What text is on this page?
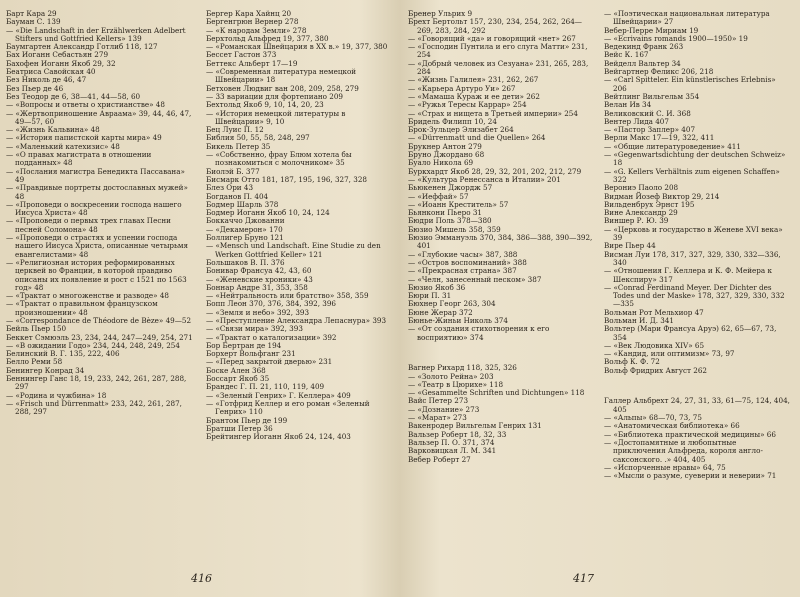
Барт Кара 29

Бауман С. 139

— «Die Landschaft in der Erzählwerken Adelbert Stifters und Gottfried Kellers» 139

Баумгартен Александр Готлиб 118, 127

Бах Иоганн Себастьян 279

Бахофен Иоганн Якоб 29, 32

Беатриса Савойская 40

Без Николь де 46, 47

Без Пьер де 46

Без Теодор де 6, 38—41, 44—58, 60

— «Вопросы и ответы о христианстве» 48

— «Жертвоприношение Авраама» 39, 44, 46, 47, 49—57, 60

— «Жизнь Кальвина» 48

— «История папистской карты мира» 49

— «Маленький катехизис» 48

— «О правах магистрата в отношении подданных» 48

— «Послания магистра Бенедикта Пассавана» 49

— «Правдивые портреты достославных мужей» 48

— «Проповеди о воскресении господа нашего Иисуса Христа» 48

— «Проповеди о первых трех главах Песни песней Соломона» 48

— «Проповеди о страстях и успении господа нашего Иисуса Христа, описанные четырьмя евангелистами» 48

— «Религиозная история реформированных церквей во Франции, в которой правдиво описаны их появление и рост с 1521 по 1563 год» 48

— «Трактат о многоженстве и разводе» 48

— «Трактат о правильном французском произношении» 48

— «Correspondance de Théodore de Bèze» 49—52

Бейль Пьер 150

Беккет Сэмюэль 23, 234, 244, 247—249, 254, 271

— «В ожидании Годо» 234, 244, 248, 249, 254

Белинский В. Г. 135, 222, 406

Белло Реми 58

Бенингер Конрад 34

Беннингер Ганс 18, 19, 233, 242, 261, 287, 288, 297

— «Родина и чужбина» 18

— «Frisch und Dürrenmatt» 233, 242, 261, 287, 288, 297

Бергер Кара Хайнц 20

Бергенгрюн Вернер 278

— «К народам Земли» 278

Берхтольд Альфред 19, 377, 380

— «Романская Швейцария в XX в.» 19, 377, 380

Бессет Гастон 373

Беттекс Альберт 17—19

— «Современная литература немецкой Швейцарии» 18

Бетховен Людвиг ван 208, 209, 258, 279

— 33 вариации для фортепиано 209

Бехтольд Якоб 9, 10, 14, 20, 23

— «История немецкой литературы в Швейцарии» 9, 10

Бец Луис П. 12

Библия 50, 55, 58, 248, 297

Бикель Петер 35

— «Собственно, фрау Блюм хотела бы познакомиться с молочником» 35

Биолэй Б. 377

Бисмарк Отто 181, 187, 195, 196, 327, 328

Блез Ори 43

Богданов П. 404

Бодмер Шарль 378

Бодмер Иоганн Якоб 10, 24, 124

Боккаччо Джованни

— «Декамерон» 170

Боллигер Бруно 121

— «Mensch und Landschaft. Eine Studie zu den Werken Gottfried Keller» 121

Большаков В. П. 376

Бонивар Франсуа 42, 43, 60

— «Женевские хроники» 43

Боннар Андре 31, 353, 358

— «Нейтральность или братство» 358, 359

Бопп Леон 370, 376, 384, 392, 396

— «Земля и небо» 392, 393

— «Преступление Александра Лепаснура» 393

— «Связи мира» 392, 393

— «Трактат о каталогизации» 392

Бор Бертран де 194

Борхерт Вольфганг 231

— «Перед закрытой дверью» 231

Боске Ален 368

Боссарт Якоб 35

Брандес Г. П. 21, 110, 119, 409

— «Зеленый Генрих» Г. Келлера» 409

— «Готфрид Келлер и его роман «Зеленый Генрих» 110

Брантом Пьер де 199

Братши Петер 36

Брейтингер Иоганн Якоб 24, 124, 403

416

Бренер Ульрих 9

Брехт Бертольт 157, 230, 234, 254, 262, 264—269, 283, 284, 292

— «Говорящий «да» и говорящий «нет» 267

— «Господин Пунтила и его слуга Матти» 231, 254

— «Добрый человек из Сезуана» 231, 265, 283, 284

— «Жизнь Галилея» 231, 262, 267

— «Карьера Артуро Уи» 267

— «Мамаша Кураж и ее дети» 262

— «Ружья Тересы Каррар» 254

— «Страх и нищета в Третьей империи» 254

Бридель Филипп 10, 24

Брок-Зульцер Элизабет 264

— «Dürrenmatt und die Quellen» 264

Брукнер Антон 279

Бруно Джордано 68

Буало Никола 69

Буркхардт Якоб 28, 29, 32, 201, 202, 212, 279

— «Культура Ренессанса в Италии» 201

Бьюкенен Джордж 57

— «Иеффай» 57

— «Иоанн Креститель» 57

Бьянкони Пьеро 31

Бюдри Поль 378—380

Бюзио Мишель 358, 359

Бюзио Эммануэль 370, 384, 386—388, 390—392, 401

— «Глубокие часы» 387, 388

— «Остров воспоминаний» 388

— «Прекрасная страна» 387

— «Челн, занесенный песком» 387

Бюзио Якоб 36

Бюри П. 31

Бюхнер Георг 263, 304

Бюне Жерар 372

Бюнье-Жиньи Николь 374

— «От создания стихотворения к его восприятию» 374

Вагнер Рихард 118, 325, 326

— «Золото Рейна» 203

— «Театр в Цюрихе» 118

— «Gesammelte Schriften und Dichtungen» 118

Вайс Петер 273

— «Дознание» 273

— «Марат» 273

Вакенродер Вильгельм Генрих 131

Вальзер Роберт 18, 32, 33

Вальзер П. О. 371, 374

Варковицкая Л. М. 341

Вебер Роберт 27

— «Поэтическая национальная литература Швейцарии» 27

Вебер-Перре Мириам 19

— «Ecrivains romands 1900—1950» 19

Ведекинд Франк 263

Вейс К. 167

Вейделл Вальтер 34

Вейгартнер Феликс 206, 218

— «Carl Spitteler. Ein künstlerisches Erlebnis» 206

Вейтлинг Вильгельм 354

Велан Ив 34

Великовский С. И. 368

Вентер Лида 407

— «Пастор Заплер» 407

Верли Макс 17—19, 322, 411

— «Общие литературоведение» 411

— «Gegenwartsdichtung der deutschen Schweiz» 18

— «G. Kellers Verhältnis zum eigenen Schaffen» 322

Верониэ Паоло 208

Видман Йозеф Виктор 29, 214

Вильденбрух Эрнст 195

Вине Александр 29

Виншер Р. Ю. 39

— «Церковь и государство в Женеве XVI века» 39

Вире Пьер 44

Висман Луи 178, 317, 327, 329, 330, 332—336, 340

— «Отношения Г. Келлера и К. Ф. Мейера к Шекспиру» 317

— «Conrad Ferdinand Meyer. Der Dichter des Todes und der Maske» 178, 327, 329, 330, 332—335

Вольман Рот Мельхиор 47

Вольман И. Д. 341

Вольтер (Мари Франсуа Аруэ) 62, 65—67, 73, 354

— «Век Людовика XIV» 65

— «Кандид, или оптимизм» 73, 97

Вольф К. Ф. 72

Вольф Фридрих Август 262

Галлер Альбрехт 24, 27, 31, 33, 61—75, 124, 404, 405

— «Альпы» 68—70, 73, 75

— «Анатомическая библиотека» 66

— «Библиотека практической медицины» 66

— «Достопамятные и любопытные приключения Альфреда, короля англо-саксонского. .» 404, 405

— «Испорченные нравы» 64, 75

— «Мысли о разуме, суеверии и неверии» 71

417
